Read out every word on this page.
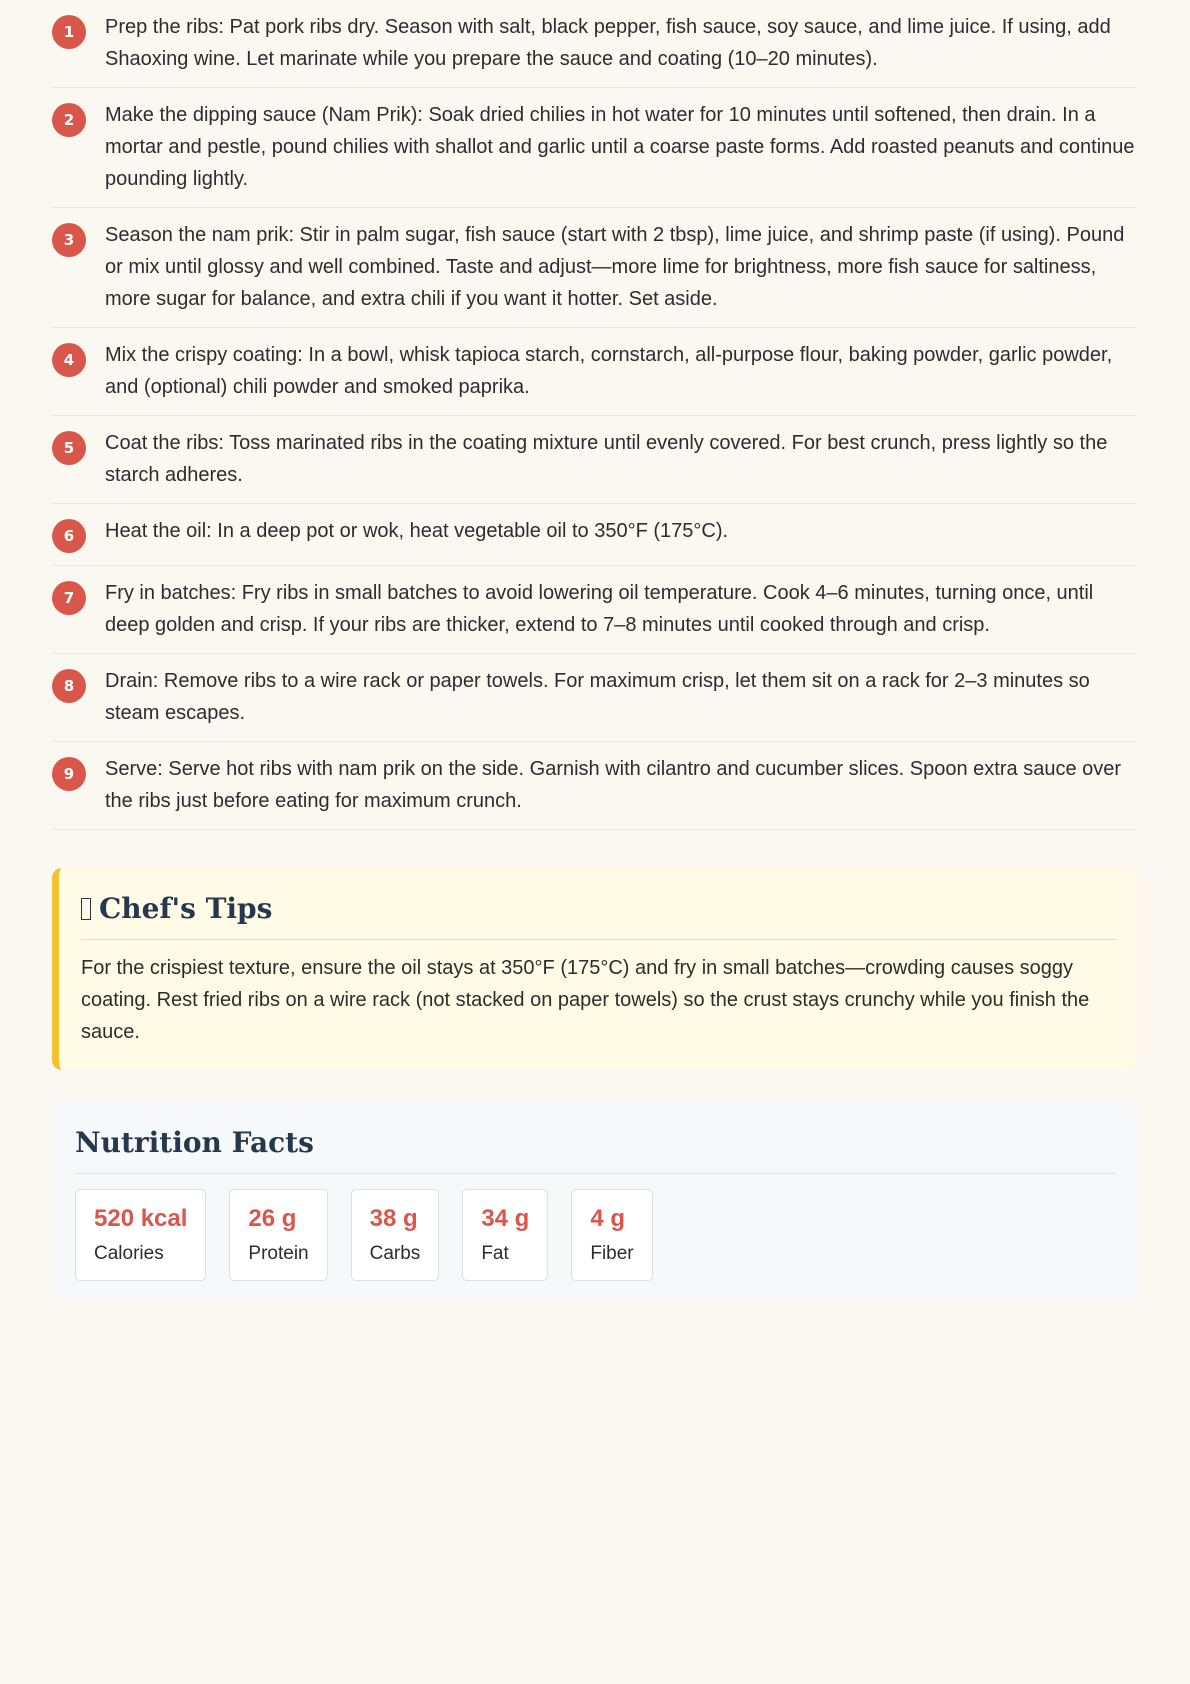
1	Prep the ribs: Pat pork ribs dry. Season with salt, black pepper, fish sauce, soy sauce, and lime juice. If using, add Shaoxing wine. Let marinate while you prepare the sauce and coating (10–20 minutes).
2	Make the dipping sauce (Nam Prik): Soak dried chilies in hot water for 10 minutes until softened, then drain. In a mortar and pestle, pound chilies with shallot and garlic until a coarse paste forms. Add roasted peanuts and continue pounding lightly.
3	Season the nam prik: Stir in palm sugar, fish sauce (start with 2 tbsp), lime juice, and shrimp paste (if using). Pound or mix until glossy and well combined. Taste and adjust—more lime for brightness, more fish sauce for saltiness, more sugar for balance, and extra chili if you want it hotter. Set aside.
4	Mix the crispy coating: In a bowl, whisk tapioca starch, cornstarch, all-purpose flour, baking powder, garlic powder, and (optional) chili powder and smoked paprika.
5	Coat the ribs: Toss marinated ribs in the coating mixture until evenly covered. For best crunch, press lightly so the starch adheres.
6	Heat the oil: In a deep pot or wok, heat vegetable oil to 350°F (175°C).
7	Fry in batches: Fry ribs in small batches to avoid lowering oil temperature. Cook 4–6 minutes, turning once, until deep golden and crisp. If your ribs are thicker, extend to 7–8 minutes until cooked through and crisp.
8	Drain: Remove ribs to a wire rack or paper towels. For maximum crisp, let them sit on a rack for 2–3 minutes so steam escapes.
9	Serve: Serve hot ribs with nam prik on the side. Garnish with cilantro and cucumber slices. Spoon extra sauce over the ribs just before eating for maximum crunch.
Chef's Tips

For the crispiest texture, ensure the oil stays at 350°F (175°C) and fry in small batches—crowding causes soggy coating. Rest fried ribs on a wire rack (not stacked on paper towels) so the crust stays crunchy while you finish the sauce.

Nutrition Facts
520 kcal
Calories
26 g
Protein
38 g
Carbs
34 g
Fat
4 g
Fiber
